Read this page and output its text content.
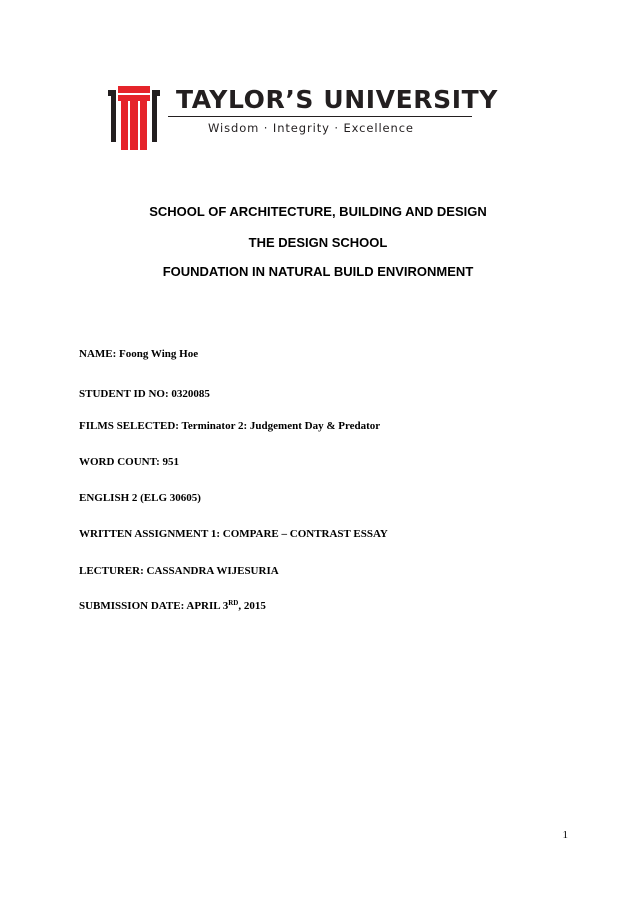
TAYLOR’S UNIVERSITY
Wisdom · Integrity · Excellence
SCHOOL OF ARCHITECTURE, BUILDING AND DESIGN
THE DESIGN SCHOOL
FOUNDATION IN NATURAL BUILD ENVIRONMENT
NAME: Foong Wing Hoe
STUDENT ID NO: 0320085
FILMS SELECTED: Terminator 2: Judgement Day & Predator
WORD COUNT: 951
ENGLISH 2 (ELG 30605)
WRITTEN ASSIGNMENT 1: COMPARE – CONTRAST ESSAY
LECTURER: CASSANDRA WIJESURIA
SUBMISSION DATE: APRIL 3RD, 2015
1
